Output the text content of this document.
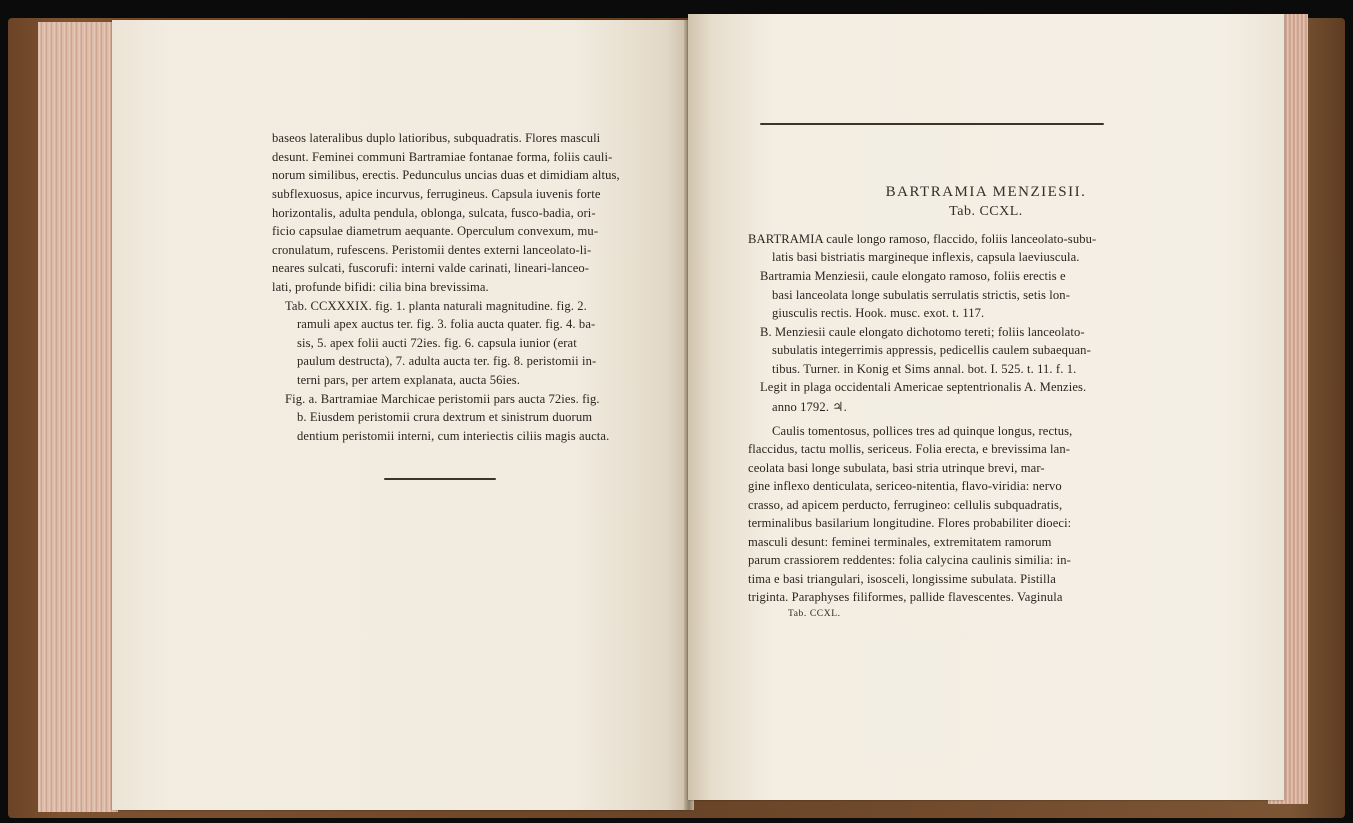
baseos lateralibus duplo latioribus, subquadratis. Flores masculi
desunt. Feminei communi Bartramiae fontanae forma, foliis cauli-
norum similibus, erectis. Pedunculus uncias duas et dimidiam altus,
subflexuosus, apice incurvus, ferrugineus. Capsula iuvenis forte
horizontalis, adulta pendula, oblonga, sulcata, fusco-badia, ori-
ficio capsulae diametrum aequante. Operculum convexum, mu-
cronulatum, rufescens. Peristomii dentes externi lanceolato-li-
neares sulcati, fuscorufi: interni valde carinati, lineari-lanceo-
lati, profunde bifidi: cilia bina brevissima.
Tab. CCXXXIX. fig. 1. planta naturali magnitudine. fig. 2.
ramuli apex auctus ter. fig. 3. folia aucta quater. fig. 4. ba-
sis, 5. apex folii aucti 72ies. fig. 6. capsula iunior (erat
paulum destructa), 7. adulta aucta ter. fig. 8. peristomii in-
terni pars, per artem explanata, aucta 56ies.
Fig. a. Bartramiae Marchicae peristomii pars aucta 72ies. fig.
b. Eiusdem peristomii crura dextrum et sinistrum duorum
dentium peristomii interni, cum interiectis ciliis magis aucta.
BARTRAMIA MENZIESII.
Tab. CCXL.
BARTRAMIA caule longo ramoso, flaccido, foliis lanceolato-subu-
latis basi bistriatis margineque inflexis, capsula laeviuscula.
Bartramia Menziesii, caule elongato ramoso, foliis erectis e
basi lanceolata longe subulatis serrulatis strictis, setis lon-
giusculis rectis. Hook. musc. exot. t. 117.
B. Menziesii caule elongato dichotomo tereti; foliis lanceolato-
subulatis integerrimis appressis, pedicellis caulem subaequan-
tibus. Turner. in Konig et Sims annal. bot. I. 525. t. 11. f. 1.
Legit in plaga occidentali Americae septentrionalis A. Menzies.
anno 1792. ♃.
Caulis tomentosus, pollices tres ad quinque longus, rectus,
flaccidus, tactu mollis, sericeus. Folia erecta, e brevissima lan-
ceolata basi longe subulata, basi stria utrinque brevi, mar-
gine inflexo denticulata, sericeo-nitentia, flavo-viridia: nervo
crasso, ad apicem perducto, ferrugineo: cellulis subquadratis,
terminalibus basilarium longitudine. Flores probabiliter dioeci:
masculi desunt: feminei terminales, extremitatem ramorum
parum crassiorem reddentes: folia calycina caulinis similia: in-
tima e basi triangulari, isosceli, longissime subulata. Pistilla
triginta. Paraphyses filiformes, pallide flavescentes. Vaginula
Tab. CCXL.
